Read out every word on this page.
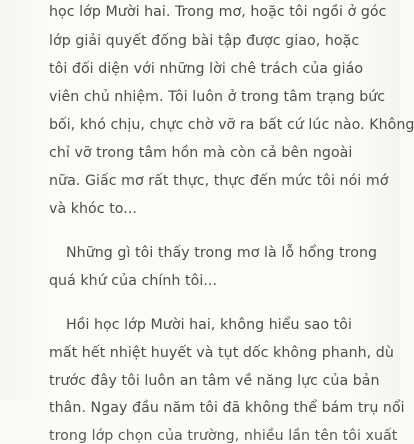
học lớp Mười hai. Trong mơ, hoặc tôi ngồi ở góc
lớp giải quyết đống bài tập được giao, hoặc
tôi đối diện với những lời chê trách của giáo
viên chủ nhiệm. Tôi luôn ở trong tâm trạng bức
bối, khó chịu, chực chờ vỡ ra bất cứ lúc nào. Không
chỉ vỡ trong tâm hồn mà còn cả bên ngoài
nữa. Giấc mơ rất thực, thực đến mức tôi nói mớ
và khóc to...
Những gì tôi thấy trong mơ là lỗ hổng trong
quá khứ của chính tôi...
Hồi học lớp Mười hai, không hiểu sao tôi
mất hết nhiệt huyết và tụt dốc không phanh, dù
trước đây tôi luôn an tâm về năng lực của bản
thân. Ngay đầu năm tôi đã không thể bám trụ nổi
trong lớp chọn của trường, nhiều lần tên tôi xuất
